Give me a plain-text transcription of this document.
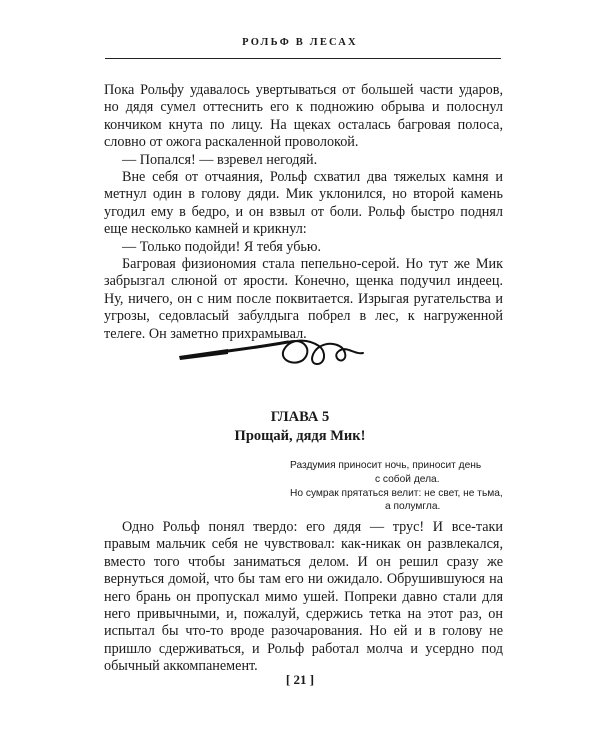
РОЛЬФ В ЛЕСАХ

Пока Рольфу удавалось увертываться от большей части ударов, но дядя сумел оттеснить его к подножию обрыва и полоснул кончиком кнута по лицу. На щеках осталась багровая полоса, словно от ожога раскаленной проволокой.

— Попался! — взревел негодяй.

Вне себя от отчаяния, Рольф схватил два тяжелых камня и метнул один в голову дяди. Мик уклонился, но второй камень угодил ему в бедро, и он взвыл от боли. Рольф быстро поднял еще несколько камней и крикнул:

— Только подойди! Я тебя убью.

Багровая физиономия стала пепельно-серой. Но тут же Мик забрызгал слюной от ярости. Конечно, щенка подучил индеец. Ну, ничего, он с ним после поквитается. Изрыгая ругательства и угрозы, седовласый забулдыга побрел в лес, к нагруженной телеге. Он заметно прихрамывал.

ГЛАВА 5
Прощай, дядя Мик!
Раздумия приносит ночь, приносит день
с собой дела.
Но сумрак прятаться велит: не свет, не тьма,
а полумгла.

Одно Рольф понял твердо: его дядя — трус! И все-таки правым мальчик себя не чувствовал: как-никак он развлекался, вместо того чтобы заниматься делом. И он решил сразу же вернуться домой, что бы там его ни ожидало. Обрушившуюся на него брань он пропускал мимо ушей. Попреки давно стали для него привычными, и, пожалуй, сдержись тетка на этот раз, он испытал бы что-то вроде разочарования. Но ей и в голову не пришло сдерживаться, и Рольф работал молча и усердно под обычный аккомпанемент.

[ 21 ]
